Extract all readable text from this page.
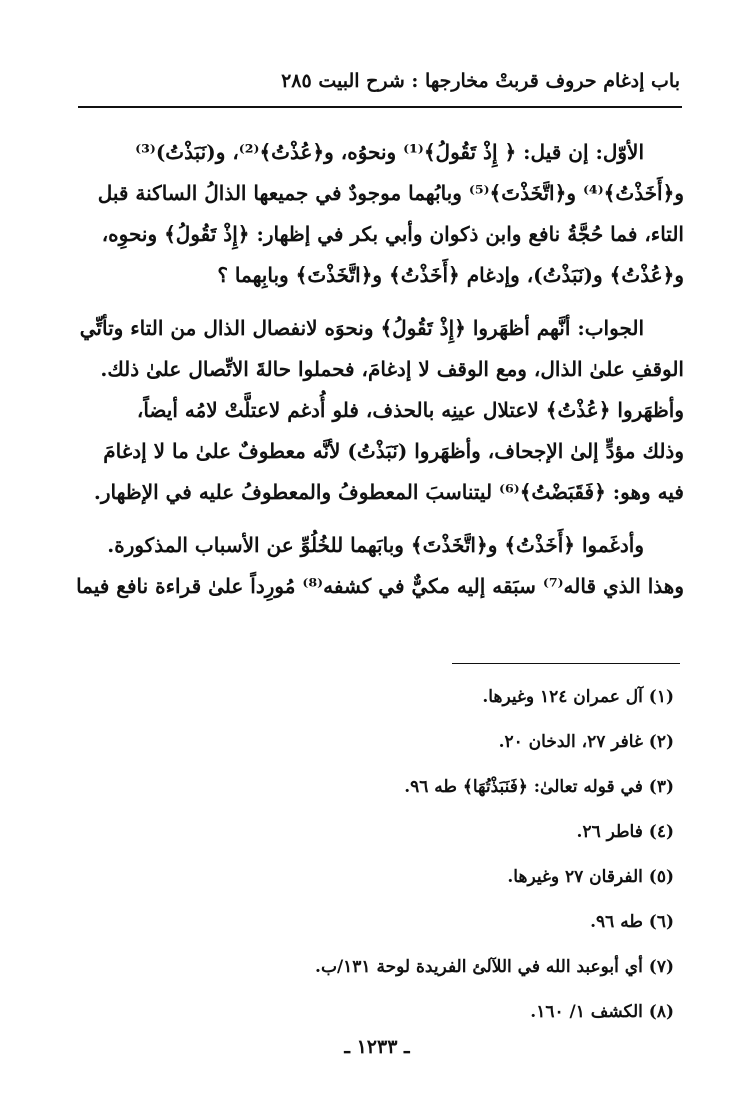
باب إدغام حروف قربتْ مخارجها : شرح البيت ٢٨٥
الأوّل: إن قيل: ﴿ إِذْ تَقُولُ﴾⁽¹⁾ ونحوُه، و﴿عُذْتُ﴾⁽²⁾، و(نَبَذْتُ)⁽³⁾
و﴿أَخَذْتُ﴾⁽⁴⁾ و﴿اتَّخَذْتَ﴾⁽⁵⁾ وبابُهما موجودٌ في جميعها الذالُ الساكنة قبل
التاء، فما حُجَّةُ نافع وابن ذكوان وأبي بكر في إظهار: ﴿إِذْ تَقُولُ﴾ ونحوِه،
و﴿عُذْتُ﴾ و(نَبَذْتُ)، وإدغام ﴿أَخَذْتُ﴾ و﴿اتَّخَذْتَ﴾ وبابِهما ؟
الجواب: أنَّهم أظهَروا ﴿إِذْ تَقُولُ﴾ ونحوَه لانفصال الذال من التاء وتأتِّي
الوقفِ علىٰ الذال، ومع الوقف لا إدغامَ، فحملوا حالةَ الاتِّصال علىٰ ذلك.
وأظهَروا ﴿عُذْتُ﴾ لاعتلال عينِه بالحذف، فلو أُدغم لاعتلَّتْ لامُه أيضاً،
وذلك مؤدٍّ إلىٰ الإجحاف، وأظهَروا (نَبَذْتُ) لأنَّه معطوفٌ علىٰ ما لا إدغامَ
فيه وهو: ﴿فَقَبَضْتُ﴾⁽⁶⁾ ليتناسبَ المعطوفُ والمعطوفُ عليه في الإظهار.
وأدغَموا ﴿أَخَذْتُ﴾ و﴿اتَّخَذْتَ﴾ وبابَهما للخُلُوِّ عن الأسباب المذكورة.
وهذا الذي قاله⁽⁷⁾ سبَقه إليه مكيٌّ في كشفه⁽⁸⁾ مُورِداً علىٰ قراءة نافع فيما
(١) آل عمران ١٢٤ وغيرها.
(٢) غافر ٢٧، الدخان ٢٠.
(٣) في قوله تعالىٰ: ﴿فَنَبَذْتُهَا﴾ طه ٩٦.
(٤) فاطر ٢٦.
(٥) الفرقان ٢٧ وغيرها.
(٦) طه ٩٦.
(٧) أي أبوعبد الله في اللآلئ الفريدة لوحة ١٣١/ب.
(٨) الكشف ١/ ١٦٠.
ـ ١٢٣٣ ـ
